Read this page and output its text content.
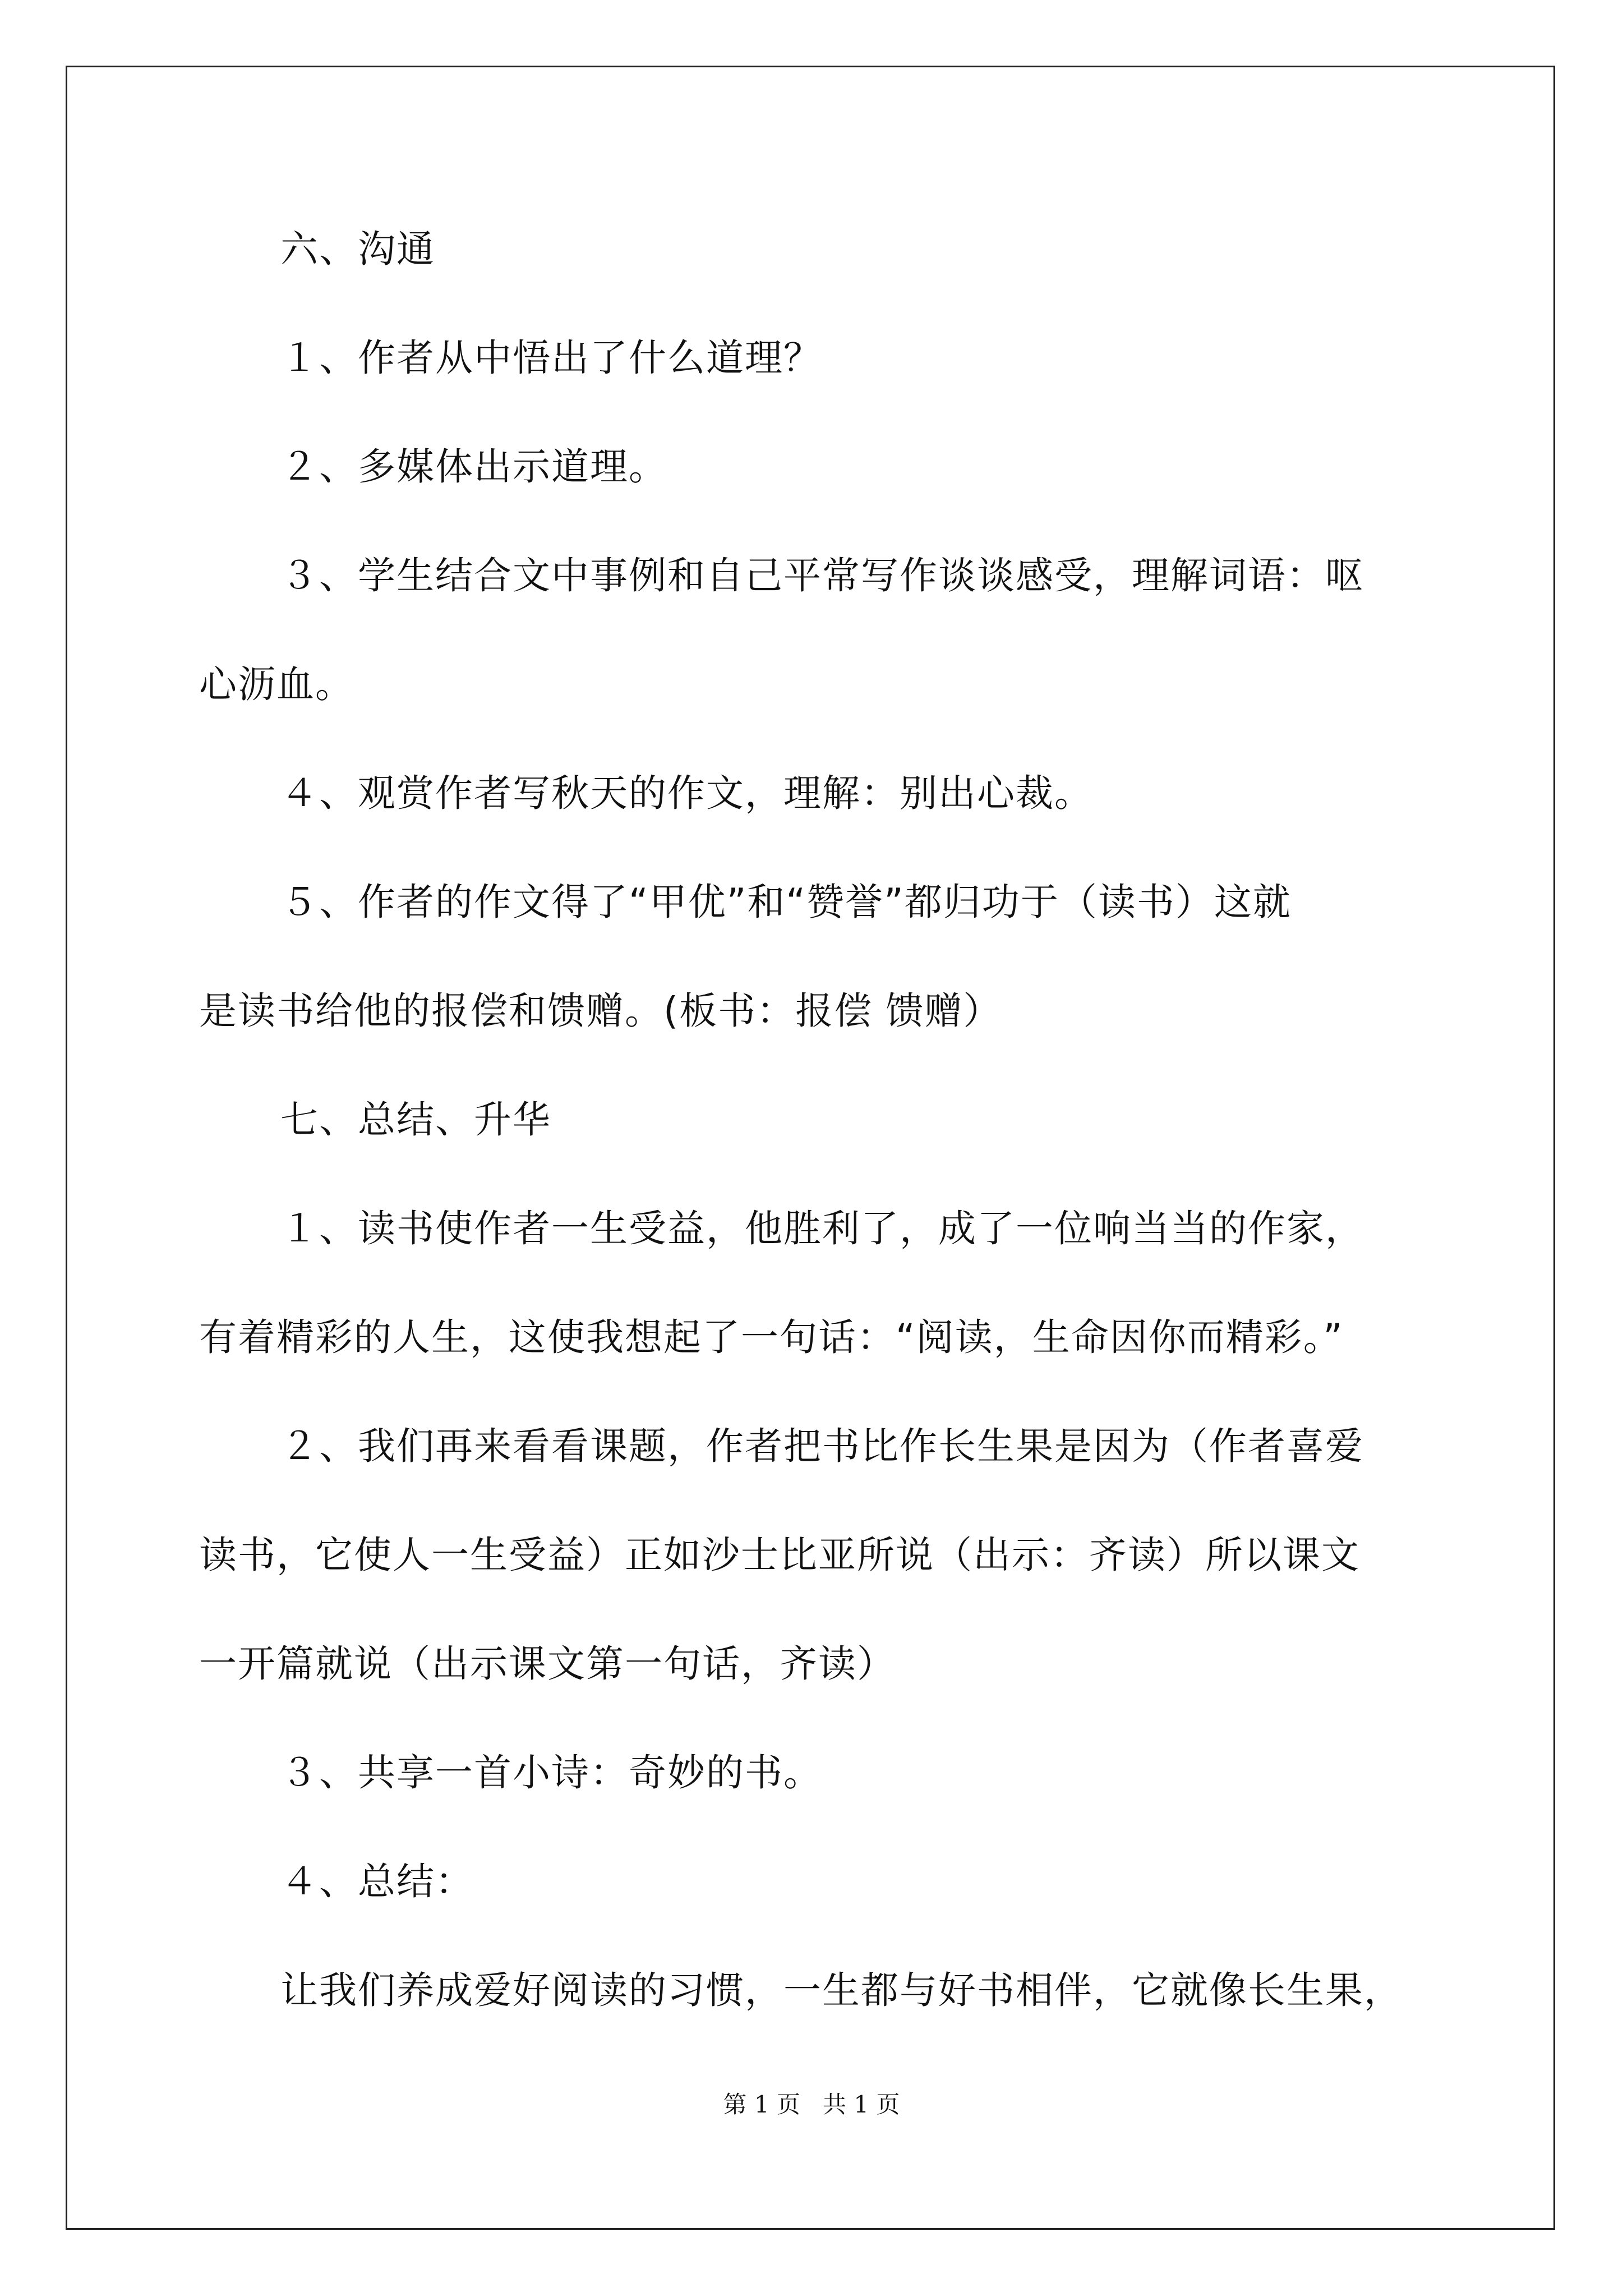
六、沟通
１、作者从中悟出了什么道理？
２、多媒体出示道理。
３、学生结合文中事例和自己平常写作谈谈感受，理解词语：呕
心沥血。
４、观赏作者写秋天的作文，理解：别出心裁。
５、作者的作文得了“甲优”和“赞誉”都归功于（读书）这就
是读书给他的报偿和馈赠。(板书：报偿 馈赠）
七、总结、升华
１、读书使作者一生受益，他胜利了，成了一位响当当的作家，
有着精彩的人生，这使我想起了一句话：“阅读，生命因你而精彩。”
２、我们再来看看课题，作者把书比作长生果是因为（作者喜爱
读书，它使人一生受益）正如沙士比亚所说（出示：齐读）所以课文
一开篇就说（出示课文第一句话，齐读）
３、共享一首小诗：奇妙的书。
４、总结：
让我们养成爱好阅读的习惯，一生都与好书相伴，它就像长生果，
第 1 页   共 1 页
